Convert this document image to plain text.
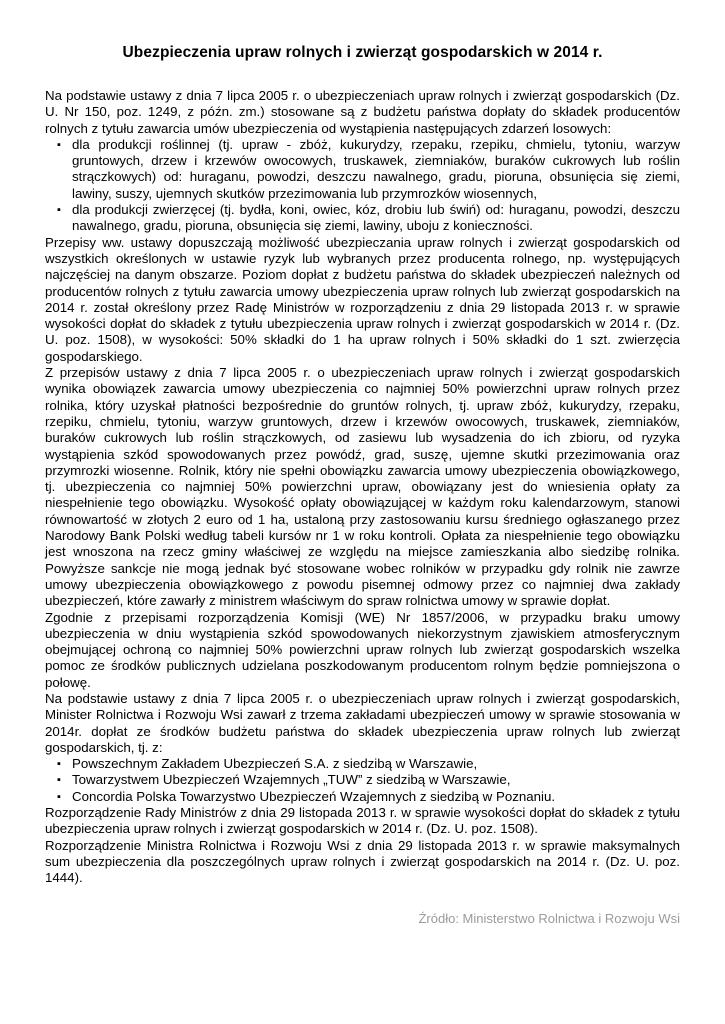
Ubezpieczenia upraw rolnych i zwierząt gospodarskich w 2014 r.

Na podstawie ustawy z dnia 7 lipca 2005 r. o ubezpieczeniach upraw rolnych i zwierząt gospodarskich (Dz. U. Nr 150, poz. 1249, z późn. zm.) stosowane są z budżetu państwa dopłaty do składek producentów rolnych z tytułu zawarcia umów ubezpieczenia od wystąpienia następujących zdarzeń losowych:

▪ dla produkcji roślinnej (tj. upraw - zbóż, kukurydzy, rzepaku, rzepiku, chmielu, tytoniu, warzyw gruntowych, drzew i krzewów owocowych, truskawek, ziemniaków, buraków cukrowych lub roślin strączkowych) od: huraganu, powodzi, deszczu nawalnego, gradu, pioruna, obsunięcia się ziemi, lawiny, suszy, ujemnych skutków przezimowania lub przymrozków wiosennych,
▪ dla produkcji zwierzęcej (tj. bydła, koni, owiec, kóz, drobiu lub świń) od: huraganu, powodzi, deszczu nawalnego, gradu, pioruna, obsunięcia się ziemi, lawiny, uboju z konieczności.

Przepisy ww. ustawy dopuszczają możliwość ubezpieczania upraw rolnych i zwierząt gospodarskich od wszystkich określonych w ustawie ryzyk lub wybranych przez producenta rolnego, np. występujących najczęściej na danym obszarze. Poziom dopłat z budżetu państwa do składek ubezpieczeń należnych od producentów rolnych z tytułu zawarcia umowy ubezpieczenia upraw rolnych lub zwierząt gospodarskich na 2014 r. został określony przez Radę Ministrów w rozporządzeniu z dnia 29 listopada 2013 r. w sprawie wysokości dopłat do składek z tytułu ubezpieczenia upraw rolnych i zwierząt gospodarskich w 2014 r. (Dz. U. poz. 1508), w wysokości: 50% składki do 1 ha upraw rolnych i 50% składki do 1 szt. zwierzęcia gospodarskiego.

Z przepisów ustawy z dnia 7 lipca 2005 r. o ubezpieczeniach upraw rolnych i zwierząt gospodarskich wynika obowiązek zawarcia umowy ubezpieczenia co najmniej 50% powierzchni upraw rolnych przez rolnika, który uzyskał płatności bezpośrednie do gruntów rolnych, tj. upraw zbóż, kukurydzy, rzepaku, rzepiku, chmielu, tytoniu, warzyw gruntowych, drzew i krzewów owocowych, truskawek, ziemniaków, buraków cukrowych lub roślin strączkowych, od zasiewu lub wysadzenia do ich zbioru, od ryzyka wystąpienia szkód spowodowanych przez powódź, grad, suszę, ujemne skutki przezimowania oraz przymrozki wiosenne. Rolnik, który nie spełni obowiązku zawarcia umowy ubezpieczenia obowiązkowego, tj. ubezpieczenia co najmniej 50% powierzchni upraw, obowiązany jest do wniesienia opłaty za niespełnienie tego obowiązku. Wysokość opłaty obowiązującej w każdym roku kalendarzowym, stanowi równowartość w złotych 2 euro od 1 ha, ustaloną przy zastosowaniu kursu średniego ogłaszanego przez Narodowy Bank Polski według tabeli kursów nr 1 w roku kontroli. Opłata za niespełnienie tego obowiązku jest wnoszona na rzecz gminy właściwej ze względu na miejsce zamieszkania albo siedzibę rolnika. Powyższe sankcje nie mogą jednak być stosowane wobec rolników w przypadku gdy rolnik nie zawrze umowy ubezpieczenia obowiązkowego z powodu pisemnej odmowy przez co najmniej dwa zakłady ubezpieczeń, które zawarły z ministrem właściwym do spraw rolnictwa umowy w sprawie dopłat.

Zgodnie z przepisami rozporządzenia Komisji (WE) Nr 1857/2006, w przypadku braku umowy ubezpieczenia w dniu wystąpienia szkód spowodowanych niekorzystnym zjawiskiem atmosferycznym obejmującej ochroną co najmniej 50% powierzchni upraw rolnych lub zwierząt gospodarskich wszelka pomoc ze środków publicznych udzielana poszkodowanym producentom rolnym będzie pomniejszona o połowę.

Na podstawie ustawy z dnia 7 lipca 2005 r. o ubezpieczeniach upraw rolnych i zwierząt gospodarskich, Minister Rolnictwa i Rozwoju Wsi zawarł z trzema zakładami ubezpieczeń umowy w sprawie stosowania w 2014r. dopłat ze środków budżetu państwa do składek ubezpieczenia upraw rolnych lub zwierząt gospodarskich, tj. z:

▪ Powszechnym Zakładem Ubezpieczeń S.A. z siedzibą w Warszawie,
▪ Towarzystwem Ubezpieczeń Wzajemnych „TUW” z siedzibą w Warszawie,
▪ Concordia Polska Towarzystwo Ubezpieczeń Wzajemnych z siedzibą w Poznaniu.

Rozporządzenie Rady Ministrów z dnia 29 listopada 2013 r. w sprawie wysokości dopłat do składek z tytułu ubezpieczenia upraw rolnych i zwierząt gospodarskich w 2014 r. (Dz. U. poz. 1508).

Rozporządzenie Ministra Rolnictwa i Rozwoju Wsi z dnia 29 listopada 2013 r. w sprawie maksymalnych sum ubezpieczenia dla poszczególnych upraw rolnych i zwierząt gospodarskich na 2014 r. (Dz. U. poz. 1444).

Źródło: Ministerstwo Rolnictwa i Rozwoju Wsi
